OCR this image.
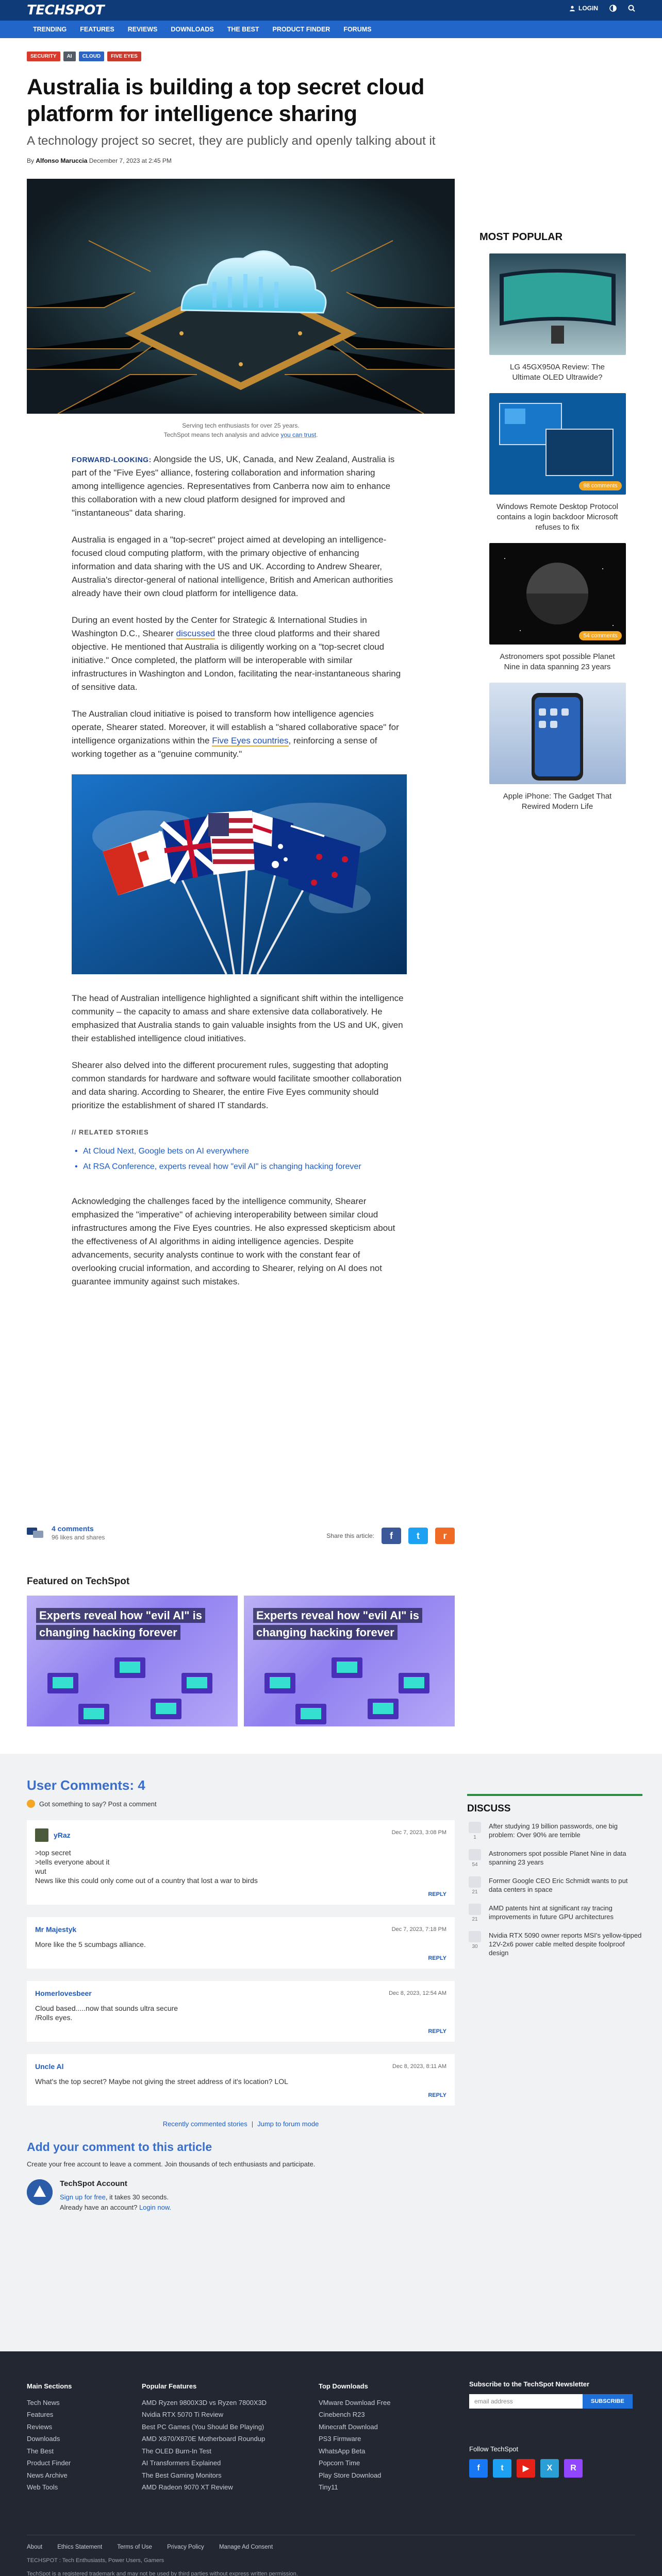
TECHSPOT	LOGIN
TRENDING	FEATURES	REVIEWS	DOWNLOADS	THE BEST	PRODUCT FINDER	FORUMS
SECURITY	AI	CLOUD	FIVE EYES
Australia is building a top secret cloud platform for intelligence sharing
A technology project so secret, they are publicly and openly talking about it
By Alfonso Maruccia December 7, 2023 at 2:45 PM
Serving tech enthusiasts for over 25 years.
TechSpot means tech analysis and advice you can trust.

FORWARD-LOOKING: Alongside the US, UK, Canada, and New Zealand, Australia is part of the "Five Eyes" alliance, fostering collaboration and information sharing among intelligence agencies. Representatives from Canberra now aim to enhance this collaboration with a new cloud platform designed for improved and "instantaneous" data sharing.

Australia is engaged in a "top-secret" project aimed at developing an intelligence-focused cloud computing platform, with the primary objective of enhancing information and data sharing with the US and UK. According to Andrew Shearer, Australia's director-general of national intelligence, British and American authorities already have their own cloud platform for intelligence data.

During an event hosted by the Center for Strategic & International Studies in Washington D.C., Shearer discussed the three cloud platforms and their shared objective. He mentioned that Australia is diligently working on a "top-secret cloud initiative." Once completed, the platform will be interoperable with similar infrastructures in Washington and London, facilitating the near-instantaneous sharing of sensitive data.

The Australian cloud initiative is poised to transform how intelligence agencies operate, Shearer stated. Moreover, it will establish a "shared collaborative space" for intelligence organizations within the Five Eyes countries, reinforcing a sense of working together as a "genuine community."

The head of Australian intelligence highlighted a significant shift within the intelligence community – the capacity to amass and share extensive data collaboratively. He emphasized that Australia stands to gain valuable insights from the US and UK, given their established intelligence cloud initiatives.

Shearer also delved into the different procurement rules, suggesting that adopting common standards for hardware and software would facilitate smoother collaboration and data sharing. According to Shearer, the entire Five Eyes community should prioritize the establishment of shared IT standards.

// RELATED STORIES
• At Cloud Next, Google bets on AI everywhere
• At RSA Conference, experts reveal how "evil AI" is changing hacking forever

Acknowledging the challenges faced by the intelligence community, Shearer emphasized the "imperative" of achieving interoperability between similar cloud infrastructures among the Five Eyes countries. He also expressed skepticism about the effectiveness of AI algorithms in aiding intelligence agencies. Despite advancements, security analysts continue to work with the constant fear of overlooking crucial information, and according to Shearer, relying on AI does not guarantee immunity against such mistakes.

4 comments
96 likes and shares	Share this article:	f	t	r
Featured on TechSpot
Experts reveal how "evil AI" is changing hacking forever
Experts reveal how "evil AI" is changing hacking forever
MOST POPULAR
LG 45GX950A Review: The Ultimate OLED Ultrawide?
98 comments
Windows Remote Desktop Protocol contains a login backdoor Microsoft refuses to fix
54 comments
Astronomers spot possible Planet Nine in data spanning 23 years
Apple iPhone: The Gadget That Rewired Modern Life
User Comments: 4
Got something to say? Post a comment
yRaz	Dec 7, 2023, 3:08 PM
>top secret
>tells everyone about it
wut
News like this could only come out of a country that lost a war to birds
REPLY
Mr Majestyk	Dec 7, 2023, 7:18 PM
More like the 5 scumbags alliance.
REPLY
Homerlovesbeer	Dec 8, 2023, 12:54 AM
Cloud based.....now that sounds ultra secure
/Rolls eyes.
REPLY
Uncle Al	Dec 8, 2023, 8:11 AM
What's the top secret? Maybe not giving the street address of it's location? LOL
REPLY
Recently commented stories | Jump to forum mode
Add your comment to this article
Create your free account to leave a comment. Join thousands of tech enthusiasts and participate.
TechSpot Account

Sign up for free, it takes 30 seconds.
Already have an account? Login now.

DISCUSS
1
After studying 19 billion passwords, one big problem: Over 90% are terrible
54
Astronomers spot possible Planet Nine in data spanning 23 years
21
Former Google CEO Eric Schmidt wants to put data centers in space
21
AMD patents hint at significant ray tracing improvements in future GPU architectures
30
Nvidia RTX 5090 owner reports MSI's yellow-tipped 12V-2x6 power cable melted despite foolproof design
Main Sections
Tech News
Features
Reviews
Downloads
The Best
Product Finder
News Archive
Web Tools
Popular Features
AMD Ryzen 9800X3D vs Ryzen 7800X3D
Nvidia RTX 5070 Ti Review
Best PC Games (You Should Be Playing)
AMD X870/X870E Motherboard Roundup
The OLED Burn-In Test
AI Transformers Explained
The Best Gaming Monitors
AMD Radeon 9070 XT Review
Top Downloads
VMware Download Free
Cinebench R23
Minecraft Download
PS3 Firmware
WhatsApp Beta
Popcorn Time
Play Store Download
Tiny11
Subscribe to the TechSpot Newsletter
email address	SUBSCRIBE
Follow TechSpot
f	t	▶	X	R
About	Ethics Statement	Terms of Use	Privacy Policy	Manage Ad Consent

TECHSPOT : Tech Enthusiasts, Power Users, Gamers

TechSpot is a registered trademark and may not be used by third parties without express written permission.
